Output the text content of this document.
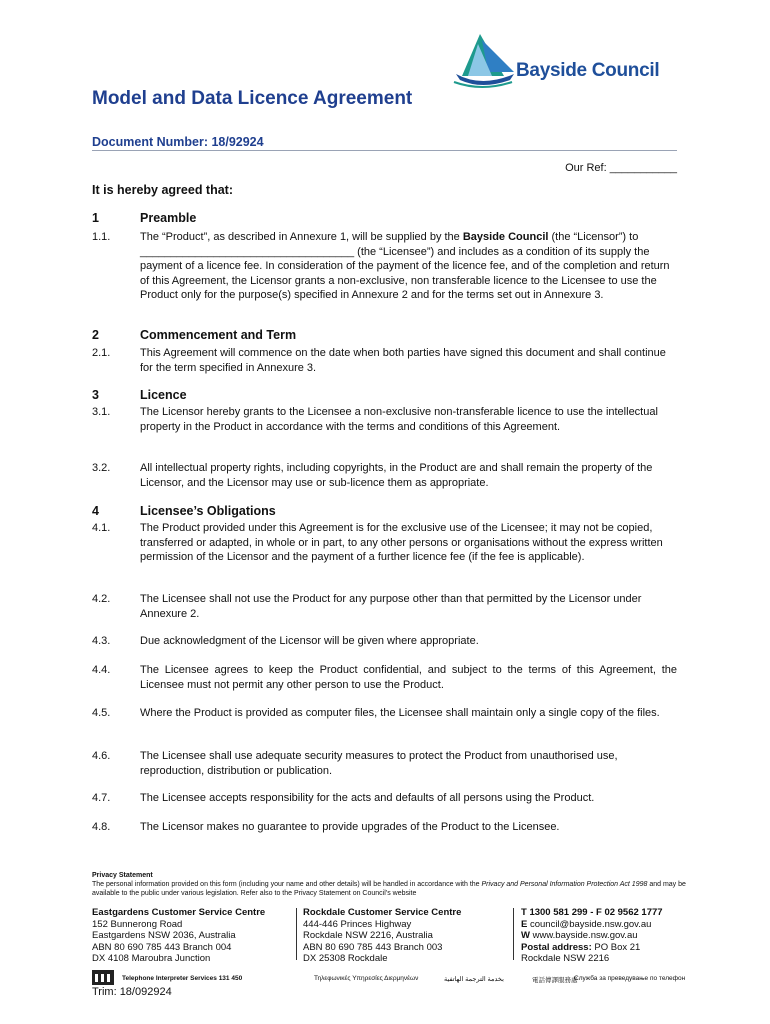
Bayside Council
Model and Data Licence Agreement
Document Number: 18/92924
Our Ref: ___________
It is hereby agreed that:
1	Preamble
1.1.	The “Product”, as described in Annexure 1, will be supplied by the Bayside Council (the “Licensor”) to ___________________________________ (the “Licensee”) and includes as a condition of its supply the payment of a licence fee. In consideration of the payment of the licence fee, and of the completion and return of this Agreement, the Licensor grants a non-exclusive, non transferable licence to the Licensee to use the Product only for the purpose(s) specified in Annexure 2 and for the terms set out in Annexure 3.
2	Commencement and Term
2.1.	This Agreement will commence on the date when both parties have signed this document and shall continue for the term specified in Annexure 3.
3	Licence
3.1.	The Licensor hereby grants to the Licensee a non-exclusive non-transferable licence to use the intellectual property in the Product in accordance with the terms and conditions of this Agreement.
3.2.	All intellectual property rights, including copyrights, in the Product are and shall remain the property of the Licensor, and the Licensor may use or sub-licence them as appropriate.
4	Licensee’s Obligations
4.1.	The Product provided under this Agreement is for the exclusive use of the Licensee; it may not be copied, transferred or adapted, in whole or in part, to any other persons or organisations without the express written permission of the Licensor and the payment of a further licence fee (if the fee is applicable).
4.2.	The Licensee shall not use the Product for any purpose other than that permitted by the Licensor under Annexure 2.
4.3.	Due acknowledgment of the Licensor will be given where appropriate.
4.4.	The Licensee agrees to keep the Product confidential, and subject to the terms of this Agreement, the Licensee must not permit any other person to use the Product.
4.5.	Where the Product is provided as computer files, the Licensee shall maintain only a single copy of the files.
4.6.	The Licensee shall use adequate security measures to protect the Product from unauthorised use, reproduction, distribution or publication.
4.7.	The Licensee accepts responsibility for the acts and defaults of all persons using the Product.
4.8.	The Licensor makes no guarantee to provide upgrades of the Product to the Licensee.
Privacy Statement
The personal information provided on this form (including your name and other details) will be handled in accordance with the Privacy and Personal Information Protection Act 1998 and may be available to the public under various legislation. Refer also to the Privacy Statement on Council’s website
Eastgardens Customer Service Centre
152 Bunnerong Road
Eastgardens NSW 2036, Australia
ABN 80 690 785 443 Branch 004
DX 4108 Maroubra Junction
Rockdale Customer Service Centre
444-446 Princes Highway
Rockdale NSW 2216, Australia
ABN 80 690 785 443 Branch 003
DX 25308 Rockdale
T 1300 581 299 - F 02 9562 1777
E council@bayside.nsw.gov.au
W www.bayside.nsw.gov.au
Postal address: PO Box 21
Rockdale NSW 2216
Telephone Interpreter Services 131 450	Τηλεφωνικές Υπηρεσίες Διερμηνέων	بخدمة الترجمة الهاتفية	電話傳譯服務處
Служба за преведување по телефон
Trim: 18/092924
